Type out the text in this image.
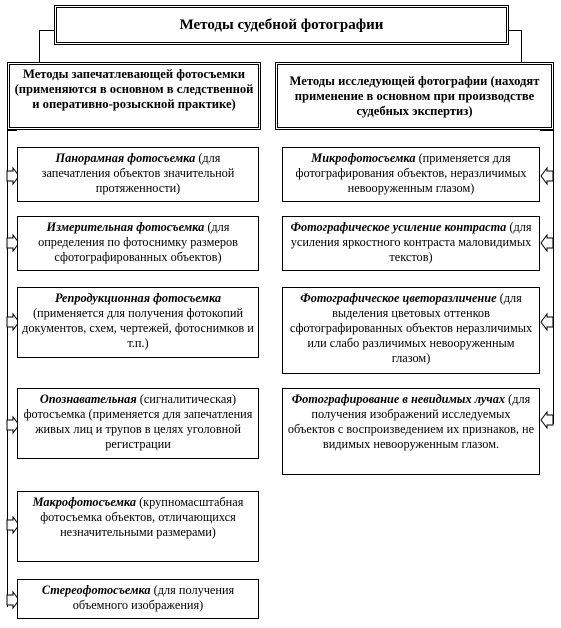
Методы судебной фотографии
Методы запечатлевающей фотосъемки (применяются в основном в следственной и оперативно-розыскной практике)
Методы исследующей фотографии (находят применение в основном при производстве судебных экспертиз)
Панорамная фотосъемка (для запечатления объектов значительной протяженности)
Измерительная фотосъемка (для определения по фотоснимку размеров сфотографированных объектов)
Репродукционная фотосъемка (применяется для получения фотокопий документов, схем, чертежей, фотоснимков и т.п.)
Опознавательная (сигналитическая) фотосъемка (применяется для запечатления живых лиц и трупов в целях уголовной регистрации
Макрофотосъемка (крупномасштабная фотосъемка объектов, отличающихся незначительными размерами)
Стереофотосъемка (для получения объемного изображения)
Микрофотосъемка (применяется для фотографирования объектов, неразличимых невооруженным глазом)
Фотографическое усиление контраста (для усиления яркостного контраста маловидимых текстов)
Фотографическое цветоразличение (для выделения цветовых оттенков сфотографированных объектов неразличимых или слабо различимых невооруженным глазом)
Фотографирование в невидимых лучах (для получения изображений исследуемых объектов с воспроизведением их признаков, не видимых невооруженным глазом.
